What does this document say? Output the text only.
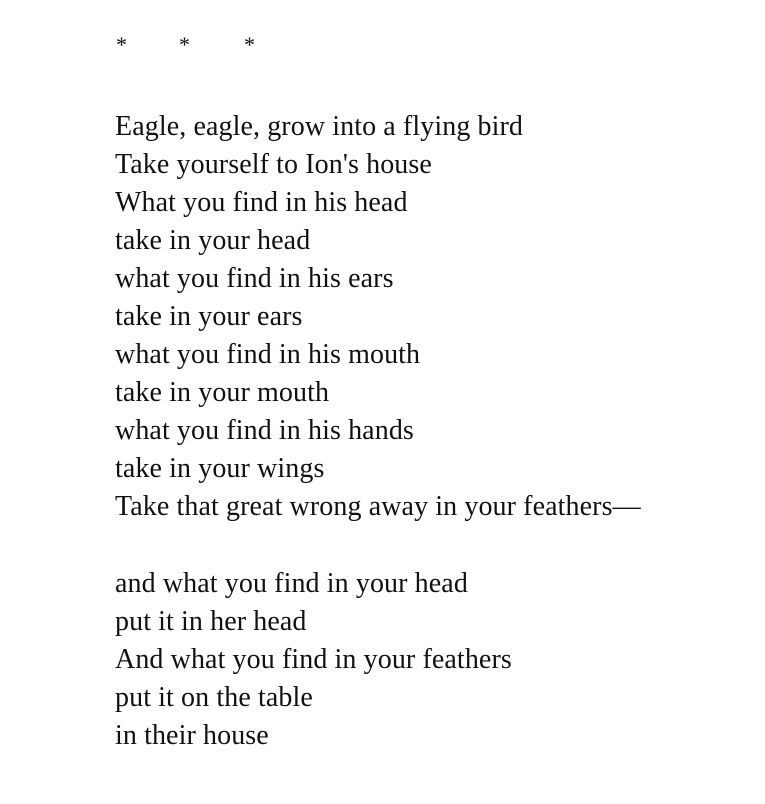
* * *
Eagle, eagle, grow into a flying bird
Take yourself to Ion's house
What you find in his head
take in your head
what you find in his ears
take in your ears
what you find in his mouth
take in your mouth
what you find in his hands
take in your wings
Take that great wrong away in your feathers—
and what you find in your head
put it in her head
And what you find in your feathers
put it on the table
in their house
